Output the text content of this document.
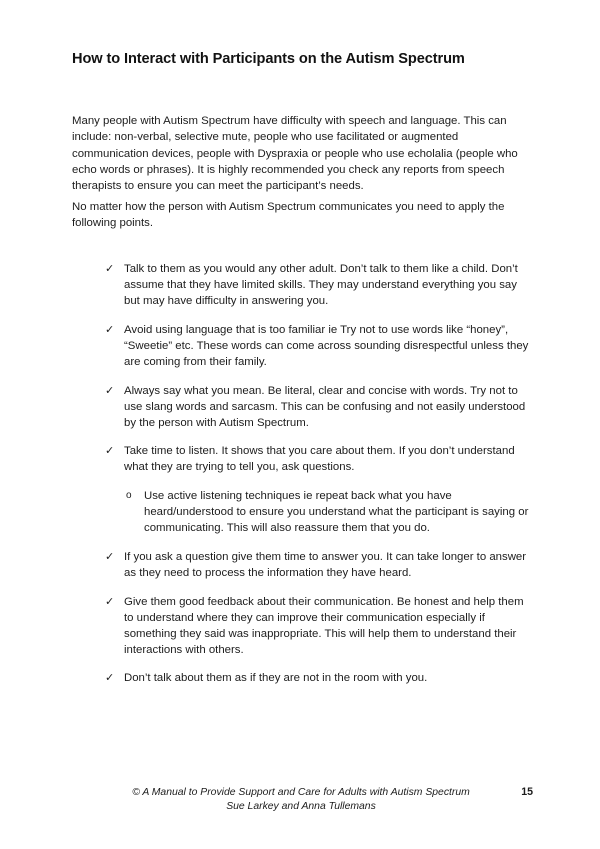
How to Interact with Participants on the Autism Spectrum

Many people with Autism Spectrum have difficulty with speech and language. This can include: non-verbal, selective mute, people who use facilitated or augmented communication devices, people with Dyspraxia or people who use echolalia (people who echo words or phrases). It is highly recommended you check any reports from speech therapists to ensure you can meet the participant’s needs.

No matter how the person with Autism Spectrum communicates you need to apply the following points.

✓ Talk to them as you would any other adult. Don’t talk to them like a child. Don’t assume that they have limited skills. They may understand everything you say but may have difficulty in answering you.
✓ Avoid using language that is too familiar ie Try not to use words like “honey”, “Sweetie” etc. These words can come across sounding disrespectful unless they are coming from their family.
✓ Always say what you mean. Be literal, clear and concise with words. Try not to use slang words and sarcasm. This can be confusing and not easily understood by the person with Autism Spectrum.
✓ Take time to listen. It shows that you care about them. If you don’t understand what they are trying to tell you, ask questions.
o	Use active listening techniques ie repeat back what you have heard/understood to ensure you understand what the participant is saying or communicating. This will also reassure them that you do.
✓ If you ask a question give them time to answer you. It can take longer to answer as they need to process the information they have heard.
✓ Give them good feedback about their communication. Be honest and help them to understand where they can improve their communication especially if something they said was inappropriate. This will help them to understand their interactions with others.
✓ Don’t talk about them as if they are not in the room with you.
© A Manual to Provide Support and Care for Adults with Autism Spectrum
Sue Larkey and Anna Tullemans
15
